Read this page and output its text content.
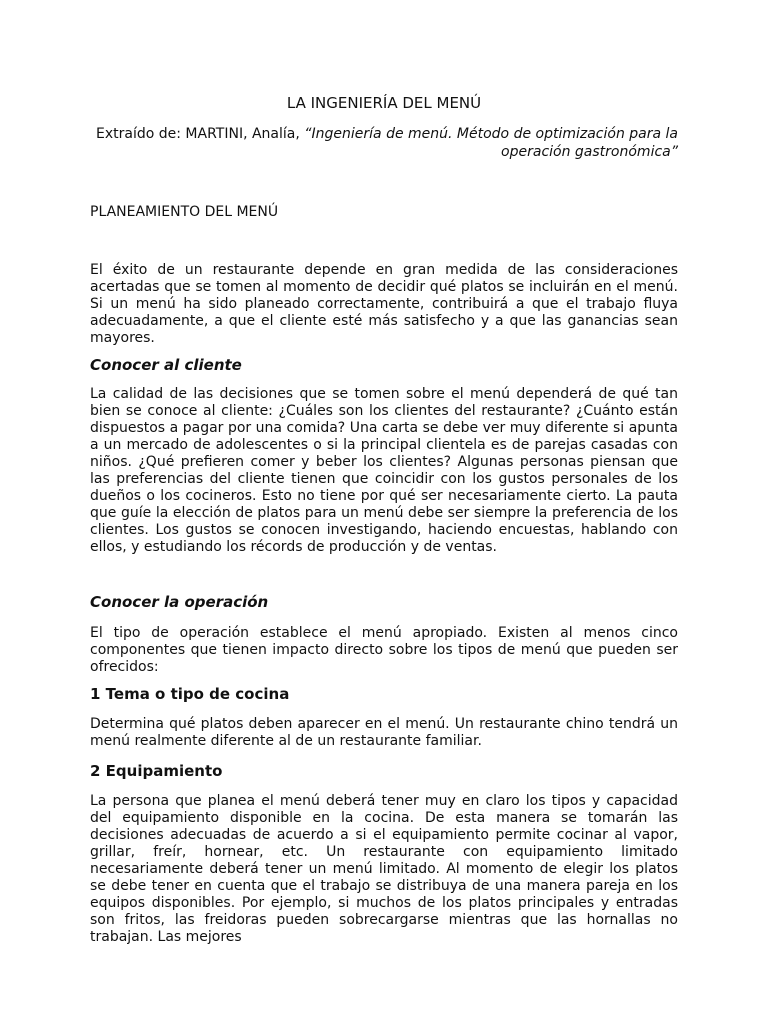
LA INGENIERÍA DEL MENÚ
Extraído de: MARTINI, Analía, “Ingeniería de menú. Método de optimización para la operación gastronómica”
PLANEAMIENTO DEL MENÚ

El éxito de un restaurante depende en gran medida de las consideraciones acertadas que se tomen al momento de decidir qué platos se incluirán en el menú. Si un menú ha sido planeado correctamente, contribuirá a que el trabajo fluya adecuadamente, a que el cliente esté más satisfecho y a que las ganancias sean mayores.

Conocer al cliente

La calidad de las decisiones que se tomen sobre el menú dependerá de qué tan bien se conoce al cliente: ¿Cuáles son los clientes del restaurante? ¿Cuánto están dispuestos a pagar por una comida? Una carta se debe ver muy diferente si apunta a un mercado de adolescentes o si la principal clientela es de parejas casadas con niños. ¿Qué prefieren comer y beber los clientes? Algunas personas piensan que las preferencias del cliente tienen que coincidir con los gustos personales de los dueños o los cocineros. Esto no tiene por qué ser necesariamente cierto. La pauta que guíe la elección de platos para un menú debe ser siempre la preferencia de los clientes. Los gustos se conocen investigando, haciendo encuestas, hablando con ellos, y estudiando los récords de producción y de ventas.

Conocer la operación

El tipo de operación establece el menú apropiado. Existen al menos cinco componentes que tienen impacto directo sobre los tipos de menú que pueden ser ofrecidos:

1 Tema o tipo de cocina

Determina qué platos deben aparecer en el menú. Un restaurante chino tendrá un menú realmente diferente al de un restaurante familiar.

2 Equipamiento

La persona que planea el menú deberá tener muy en claro los tipos y capacidad del equipamiento disponible en la cocina. De esta manera se tomarán las decisiones adecuadas de acuerdo a si el equipamiento permite cocinar al vapor, grillar, freír, hornear, etc. Un restaurante con equipamiento limitado necesariamente deberá tener un menú limitado. Al momento de elegir los platos se debe tener en cuenta que el trabajo se distribuya de una manera pareja en los equipos disponibles. Por ejemplo, si muchos de los platos principales y entradas son fritos, las freidoras pueden sobrecargarse mientras que las hornallas no trabajan. Las mejores
